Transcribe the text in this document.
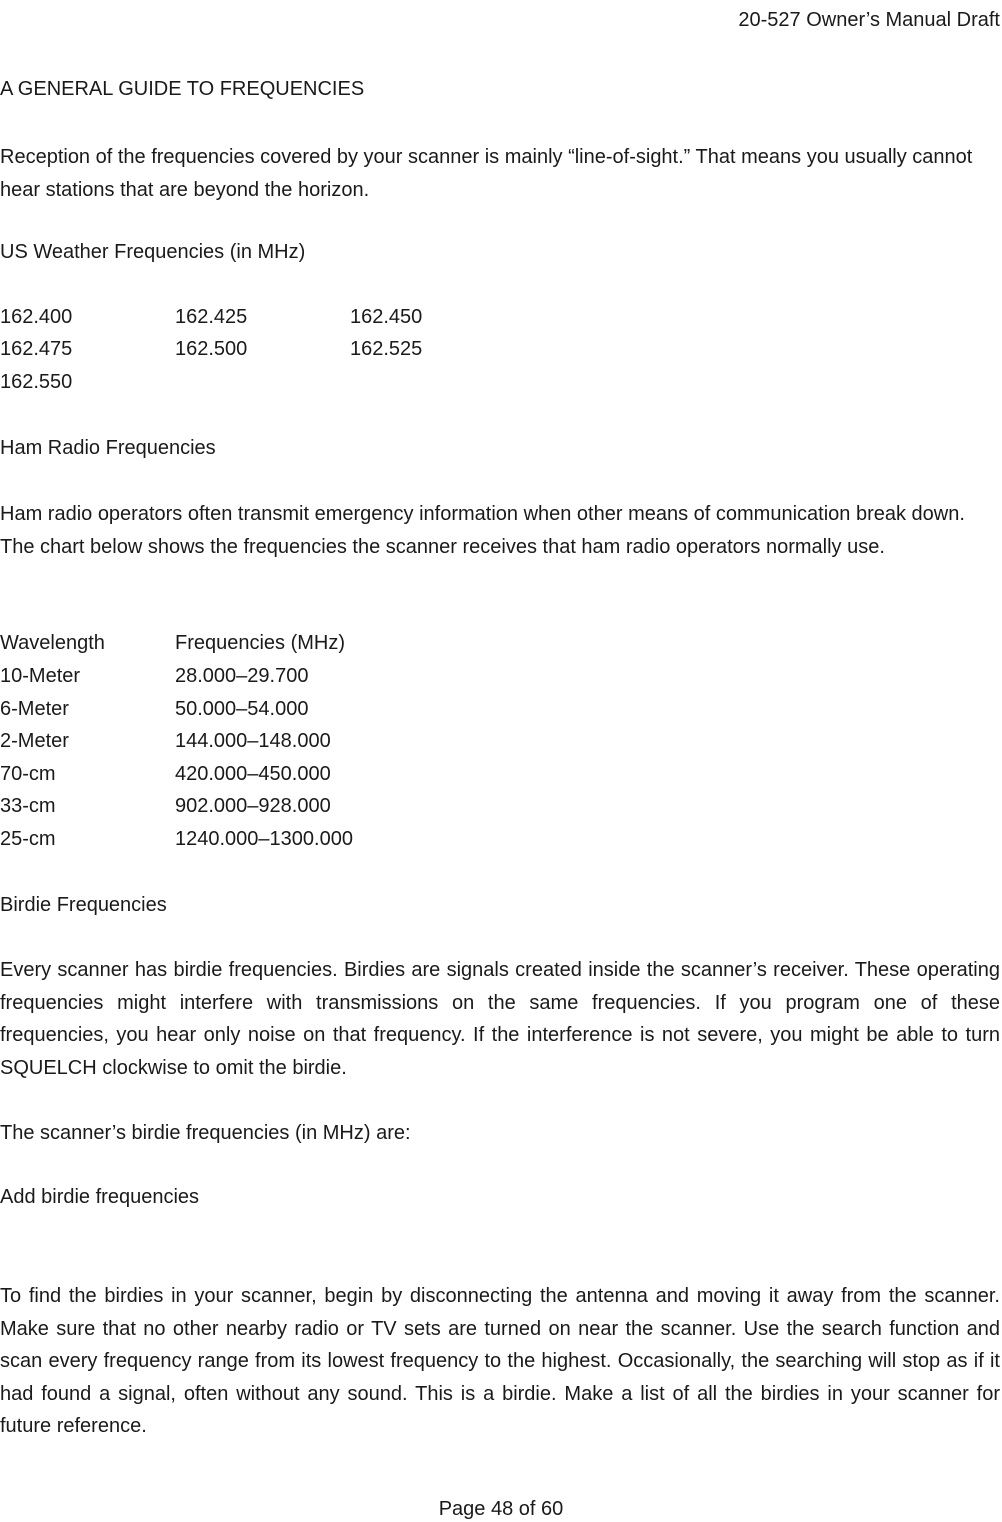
20-527 Owner’s Manual Draft
A GENERAL GUIDE TO FREQUENCIES

Reception of the frequencies covered by your scanner is mainly “line-of-sight.” That means you usually cannot hear stations that are beyond the horizon.

US Weather Frequencies (in MHz)
162.400	162.425	162.450
162.475	162.500	162.525
162.550
Ham Radio Frequencies

Ham radio operators often transmit emergency information when other means of communication break down. The chart below shows the frequencies the scanner receives that ham radio operators normally use.

Wavelength	Frequencies (MHz)
10-Meter	28.000–29.700
6-Meter	50.000–54.000
2-Meter	144.000–148.000
70-cm	420.000–450.000
33-cm	902.000–928.000
25-cm	1240.000–1300.000
Birdie Frequencies

Every scanner has birdie frequencies. Birdies are signals created inside the scanner’s receiver. These operating frequencies might interfere with transmissions on the same frequencies. If you program one of these frequencies, you hear only noise on that frequency. If the interference is not severe, you might be able to turn SQUELCH clockwise to omit the birdie.

The scanner’s birdie frequencies (in MHz) are:
Add birdie frequencies

To find the birdies in your scanner, begin by disconnecting the antenna and moving it away from the scanner. Make sure that no other nearby radio or TV sets are turned on near the scanner. Use the search function and scan every frequency range from its lowest frequency to the highest. Occasionally, the searching will stop as if it had found a signal, often without any sound. This is a birdie. Make a list of all the birdies in your scanner for future reference.

Page 48 of 60
